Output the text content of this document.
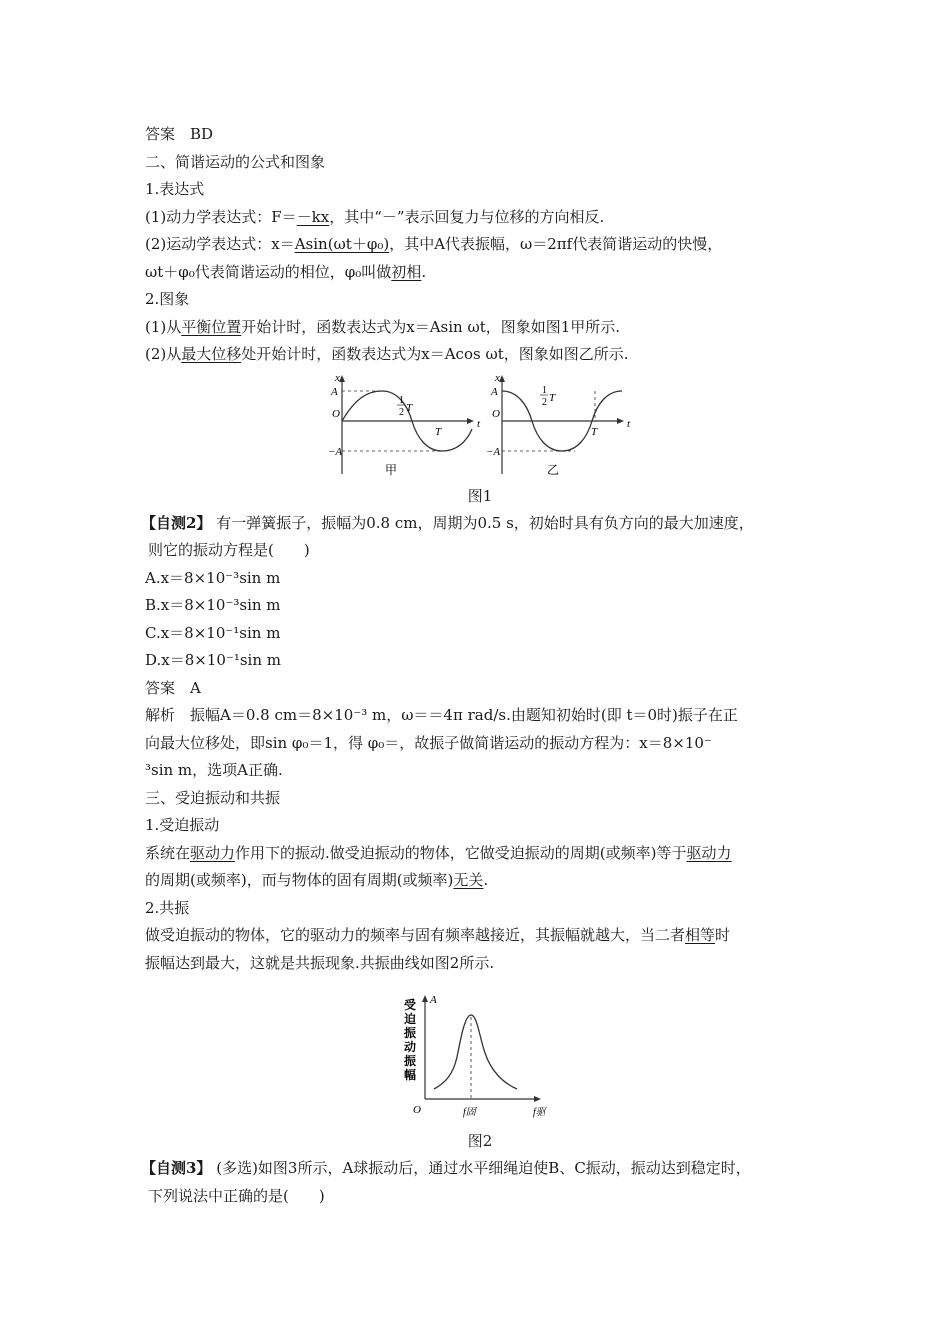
答案　BD
二、简谐运动的公式和图象
1.表达式
(1)动力学表达式：F＝－kx，其中“－”表示回复力与位移的方向相反.
(2)运动学表达式：x＝Asin(ωt＋φ₀)，其中A代表振幅，ω＝2πf代表简谐运动的快慢，
ωt＋φ₀代表简谐运动的相位，φ₀叫做初相.
2.图象
(1)从平衡位置开始计时，函数表达式为x＝Asin ωt，图象如图1甲所示.
(2)从最大位移处开始计时，函数表达式为x＝Acos ωt，图象如图乙所示.
x
t
A
−A
O
T
1
2 T
甲
x
t
A
−A
O
T
1
2 T
乙
图1
【自测2】 有一弹簧振子，振幅为0.8 cm，周期为0.5 s，初始时具有负方向的最大加速度，
则它的振动方程是(　　)
A.x＝8×10⁻³sin m
B.x＝8×10⁻³sin m
C.x＝8×10⁻¹sin m
D.x＝8×10⁻¹sin m
答案　A
解析　振幅A＝0.8 cm＝8×10⁻³ m，ω＝＝4π rad/s.由题知初始时(即 t＝0时)振子在正
向最大位移处，即sin φ₀＝1，得 φ₀＝，故振子做简谐运动的振动方程为：x＝8×10⁻
³sin m，选项A正确.
三、受迫振动和共振
1.受迫振动
系统在驱动力作用下的振动.做受迫振动的物体，它做受迫振动的周期(或频率)等于驱动力
的周期(或频率)，而与物体的固有周期(或频率)无关.
2.共振
做受迫振动的物体，它的驱动力的频率与固有频率越接近，其振幅就越大，当二者相等时
振幅达到最大，这就是共振现象.共振曲线如图2所示.
受
迫
振
动
振
幅
A
O	f固	f驱
图2
【自测3】 (多选)如图3所示，A球振动后，通过水平细绳迫使B、C振动，振动达到稳定时，
下列说法中正确的是(　　)
